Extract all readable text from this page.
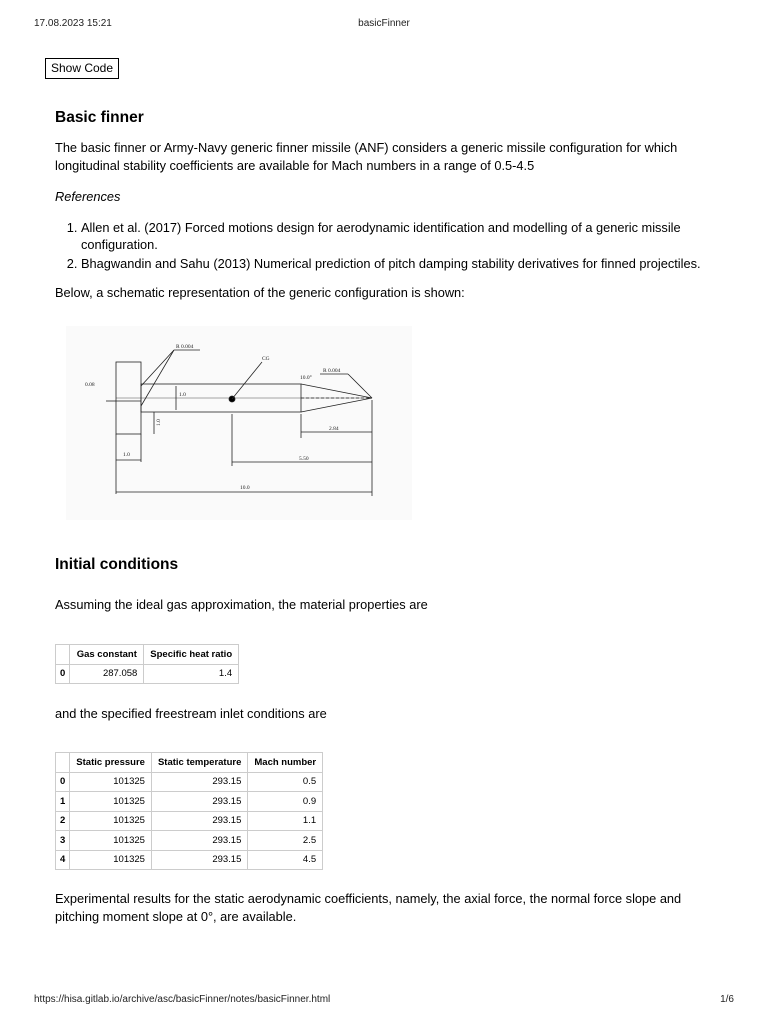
17.08.2023 15:21	basicFinner
Show Code
Basic finner

The basic finner or Army-Navy generic finner missile (ANF) considers a generic missile configuration for which longitudinal stability coefficients are available for Mach numbers in a range of 0.5-4.5

References

1. Allen et al. (2017) Forced motions design for aerodynamic identification and modelling of a generic missile configuration.
2. Bhagwandin and Sahu (2013) Numerical prediction of pitch damping stability derivatives for finned projectiles.

Below, a schematic representation of the generic configuration is shown:

Initial conditions

Assuming the ideal gas approximation, the material properties are

and the specified freestream inlet conditions are

Experimental results for the static aerodynamic coefficients, namely, the axial force, the normal force slope and pitching moment slope at 0°, are available.

CG
R 0.004
R 0.004
10.0°
0.08
1.0
1.0
2.84
1.0
5.50
10.0
	Gas constant	Specific heat ratio
0	287.058	1.4
	Static pressure	Static temperature	Mach number
0	101325	293.15	0.5
1	101325	293.15	0.9
2	101325	293.15	1.1
3	101325	293.15	2.5
4	101325	293.15	4.5
https://hisa.gitlab.io/archive/asc/basicFinner/notes/basicFinner.html	1/6
